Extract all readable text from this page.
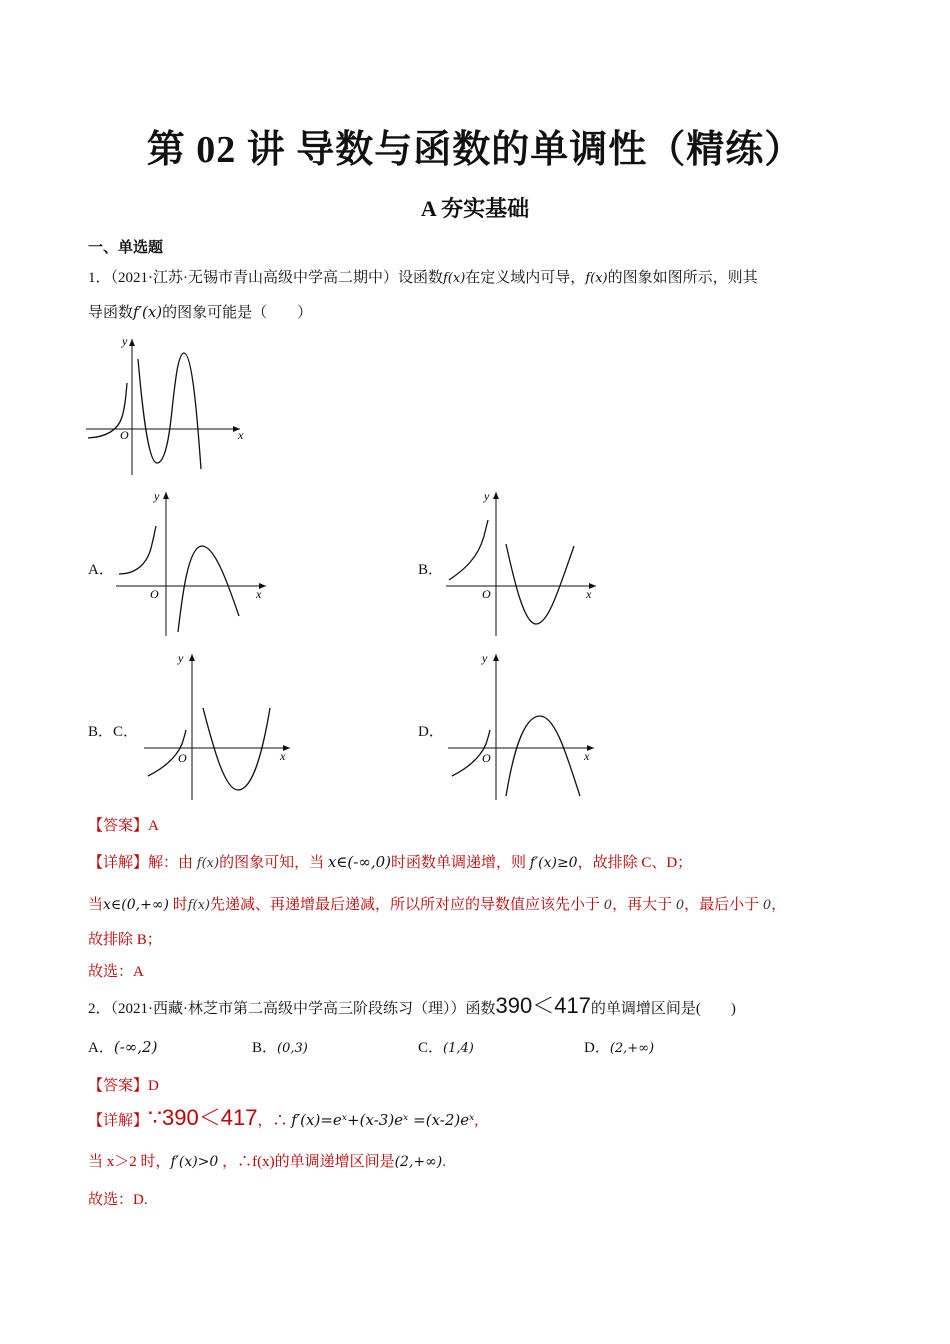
第 02 讲 导数与函数的单调性（精练）
A 夯实基础
一、单选题
1．（2021·江苏·无锡市青山高级中学高二期中）设函数f(x)在定义域内可导，f(x)的图象如图所示，则其
导函数f′(x)的图象可能是（　　）
x
y
O
A．
x
y
O
B．
x
y
O
B．C．
x
y
O
D．
x
y
O
【答案】A
【详解】解：由 f(x)的图象可知，当 x∈(-∞,0)时函数单调递增，则 f′(x)≥0，故排除 C、D；
当x∈(0,+∞) 时f(x)先递减、再递增最后递减，所以所对应的导数值应该先小于 0，再大于 0，最后小于 0，
故排除 B；
故选：A
2．（2021·西藏·林芝市第二高级中学高三阶段练习（理））函数390＜417的单调增区间是(　　)
A．(-∞,2)	B．(0,3)	C．(1,4)	D．(2,+∞)
【答案】D
【详解】∵390＜417，∴ f′(x)=eˣ+(x-3)eˣ =(x-2)eˣ,
当 x＞2 时，f′(x)>0 ，∴f(x)的单调递增区间是(2,+∞).
故选：D.
